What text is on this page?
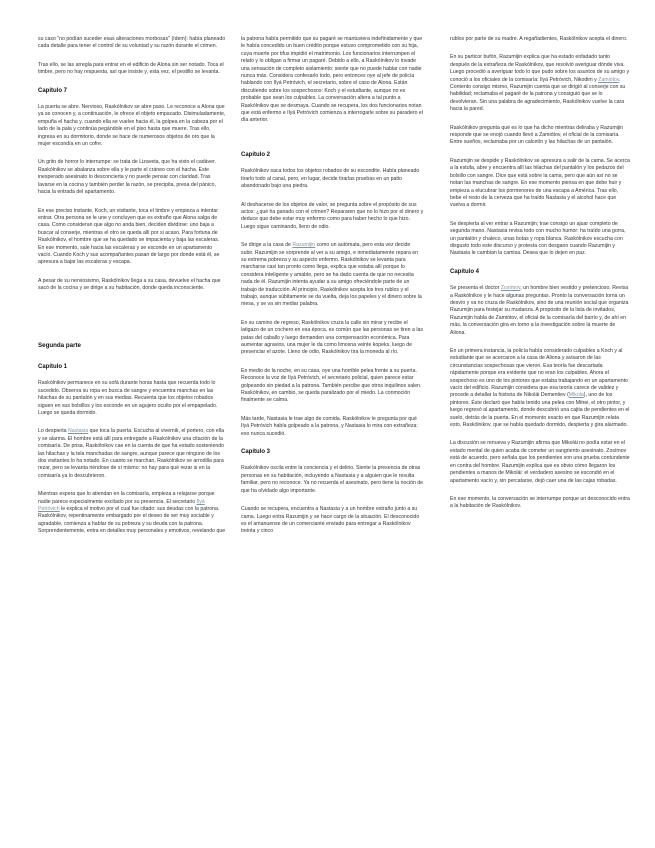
su caso "no podían suceder esas alteraciones morbosas" (ídem): había planeado cada detalle para tener el control de su voluntad y su razón durante el crimen.

Tras ello, se las arregla para entrar en el edificio de Alona sin ser notado. Toca el timbre, pero no hay respuesta, así que insiste y, esta vez, el pestillo se levanta.

Capítulo 7

La puerta se abre. Nervioso, Raskólnikov se abre paso. Le reconoce a Alona que ya se conocen y, a continuación, le ofrece el objeto empacado. Disimuladamente, empuña el hacha y, cuando ella se vuelve hacia él, la golpea en la cabeza por el lado de la pala y continúa pegándole en el piso hasta que muere. Tras ello, ingresa en su dormitorio, donde se hace de numerosos objetos de oro que la mujer escondía en un cofre.

Un grito de horror lo interrumpe: se trata de Lizaveta, que ha visto el cadáver. Raskólnikov se abalanza sobre ella y le parte el cráneo con el hacha. Este inesperado asesinato lo desconcierta y no puede pensar con claridad. Tras lavarse en la cocina y también perder la razón, se precipita, presa del pánico, hacia la entrada del apartamento.

En ese preciso instante, Koch, un visitante, toca el timbre y empieza a intentar entrar. Otra persona se le une y concluyen que es extraño que Alona salga de casa. Como consideran que algo no anda bien, deciden dividirse: uno baja a buscar al conserje, mientras el otro se queda allí por si acaso. Para fortuna de Raskólnikov, el hombre que se ha quedado se impacienta y baja las escaleras. En ese momento, sale hacia las escaleras y se esconde en un apartamento vacío. Cuando Koch y sus acompañantes pasan de largo por donde está él, se apresura a bajar las escaleras y escapa.

A pesar de su nerviosismo, Raskólnikov llega a su casa, devuelve el hacha que sacó de la cocina y se dirige a su habitación, donde queda inconsciente.

Segunda parte
Capítulo 1

Raskólnikov permanece en su sofá durante horas hasta que recuerda todo lo sucedido. Observa su ropa en busca de sangre y encuentra manchas en las hilachas de su pantalón y en sus medias. Recuenta que los objetos robados siguen en sus bolsillos y los esconde en un agujero oculto por el empapelado. Luego se queda dormido.

Lo despierta Nastasia que toca la puerta. Escucha al vivernik, el portero, con ella y se alarma. El hombre está allí para entregarle a Raskólnikov una citación de la comisaría. De prisa, Raskólnikov cae en la cuenta de que ha estado sosteniendo las hilachas y la tela manchadas de sangre, aunque parece que ninguno de los dos visitantes lo ha notado. En cuanto se marchan, Raskólnikov se arrodilla para rezar, pero se levanta riéndose de sí mismo: no hay para qué rezar si en la comisaría ya lo descubrieron.

Mientras espera que lo atiendan en la comisaría, empieza a relajarse porque nadie parece especialmente excitado por su presencia. El secretario Ilyá Petróvich le explica el motivo por el cual fue citado: sus deudas con la patrona. Raskólnikov, repentinamente embargado por el deseo de ser muy sociable y agradable, comienza a hablar de su pobreza y su deuda con la patrona. Sorprendentemente, entra en detalles muy personales y emotivos, revelando que

la patrona había permitido que su pagaré se mantuviera indefinidamente y que le había concedido un buen crédito porque estuvo comprometido con su hija, cuya muerte por tifus impidió el matrimonio. Los funcionarios interrumpen el relato y lo obligan a firmar un pagaré. Debido a ello, a Raskólnikov lo invade una sensación de completo aislamiento: siente que no puede hablar con nadie nunca más. Considera confesarlo todo, pero entonces oye al jefe de policía hablando con Ilyá Petróvich, el secretario, sobre el caso de Alona. Están discutiendo sobre los sospechosos: Koch y el estudiante, aunque no es probable que sean los culpables. La conversación altera a tal punto a Raskólnikov que se desmaya. Cuando se recupera, los dos funcionarios notan que está enfermo e Ilyá Petróvich comienza a interrogarle sobre su paradero el día anterior.

Capítulo 2

Raskólnikov saca todos los objetos robados de su escondite. Había planeado tirarlo todo al canal, pero, en lugar, decide tirarlas pruebas en un patio abandonado bajo una piedra.

Al deshacerse de los objetos de valor, se pregunta sobre el propósito de sus actos: ¿qué ha ganado con el crimen? Repararen que no lo hizo por el dinero y deduce que debe estar muy enfermo como para haber hecho lo que hizo. Luego sigue caminando, lleno de odio.

Se dirige a la casa de Razumijin como un autómata, pero esta vez decide subir. Razumijin se sorprende al ver a su amigo, e inmediatamente repara en su extrema pobreza y su aspecto enfermo. Raskólnikov se levanta para marcharse casi tan pronto como llega, explica que estaba allí porque lo considera inteligente y amable, pero se ha dado cuenta de que no necesita nada de él. Razumijin intenta ayudar a su amigo ofreciéndole parte de un trabajo de traducción. Al principio, Raskólnikov acepta los tres rublos y el trabajo, aunque súbitamente se da vuelta, deja los papeles y el dinero sobre la mesa, y se va sin mediar palabra.

En su camino de regreso, Raskólnikov cruza la calle sin mirar y recibe el latigazo de un cochero en esa época, es común que las personas se tiren a las patas del caballo y luego demanden una compensación económica. Para aumentar agravios, una mujer le da como limosna veinte kopeks, luego de presenciar el azote. Lleno de odio, Raskólnikov tira la moneda al río.

En medio de la noche, en su casa, oye una horrible pelea frente a su puerta. Reconoce la voz de Ilyá Petróvich, el secretario policial, quien parece estar golpeando sin piedad a la patrona. También percibe que otros inquilinos salen. Raskólnikov, en cambio, se queda paralizado por el miedo. La conmoción finalmente se calma.

Más tarde, Nastasia le trae algo de comida. Raskólnikov le pregunta por qué Ilyá Petróvich había golpeado a la patrona, y Nastasia lo mira con extrañeza: eso nunca sucedió.

Capítulo 3

Raskólnikov oscila entre la conciencia y el delirio. Siente la presencia de otras personas en su habitación, incluyendo a Nastasia y a alguien que le resulta familiar, pero no reconoce. Ya no recuerda el asesinato, pero tiene la noción de que ha olvidado algo importante.

Cuando se recupera, encuentra a Nastasia y a un hombre extraño junto a su cama. Luego entra Razumijin y se hace cargo de la situación. El desconocido es el amanuense de un comerciante enviado para entregar a Raskólnikov treinta y cinco

rublos por parte de su madre. A regañadientes, Raskólnikov acepta el dinero.

En su particor bufón, Razumijin explica que ha estado enfadado tanto después de la extrañeza de Raskólnikov, que resolvió averiguar dónde viva. Luego procedió a averiguar todo lo que pudo sobre los asuntos de su amigo y conoció a los oficiales de la comisaría: Ilyá Petróvich, Nikodim y Zamiótov. Contento consigo mismo, Razumijin cuenta que se dirigió al conserje con su habilidad; reclamaba el pagaré de la patrona y consiguió que se lo devolvieran. Sin una palabra de agradecimiento, Raskólnikov vuelve la cara hacia la pared.

Raskólnikov pregunta qué es lo que ha dicho mientras deliraba y Razumijin responde que se enojó cuando llevó a Zamiótov, el oficial de la comisaría. Entre sueños, reclamaba por un calcetín y las hilachas de un pantalón.

Razumijin se despide y Raskólnikov se apresura a salir de la cama. Se acerca a la estufa, abre y encuentra allí las hilachas del pantalón y los pedazos del bolsillo con sangre. Dice que está sobre la cama, pero que aún así no se notan las manchas de sangre. En ese momento piensa en que debe huir y empieza a elucubrar los pormenores de una escapa a América. Tras ello, bebe el resto de la cerveza que ha traído Nastasia y el alcohol hace que vuelva a dormir.

Se despierta al ver entrar a Razumijin; trae consigo un ajuar completo de segunda mano. Nastasia revisa todo con mucho humor: ha traído una gorra, un pantalón y chaleco, unas botas y ropa blanca. Raskólnikov escucha con disgusto todo este discurso y protesta con desgano cuando Razumijin y Nastasia le cambian la camisa. Desea que lo dejen en paz.

Capítulo 4

Se presenta el doctor Zosímov, un hombre bien vestido y pretencioso. Revisa a Raskólnikov y le hace algunas preguntas. Pronto la conversación torna un desvío y va no cruza de Raskólnikov, sino de una reunión social que organiza Razumijin para festejar su mudanza. A propósito de la lista de invitados, Razumijin habla de Zamiótov, el oficial de la comisaría del barrio y, de ahí en más, la conversación gira en torno a la investigación sobre la muerte de Aliona.

En un primera instancia, la policía había considerado culpables a Koch y al estudiante que se acercaron a la casa de Aliona y avisaron de las circunstancias sospechosas que vieron. Esa teoría fue descartada rápidamente porque era evidente que no eran los culpables. Ahora el sospechoso es uno de los pintores que estaba trabajando en un apartamento vacío del edificio. Razumijin considera que esa teoría carece de validez y procede a detallar la historia de Nikolái Dementiev (Mikola), uno de los pintores. Éste declaró que había tenido una pelea con Mitrei, el otro pintor, y luego regresó al apartamento, donde descubrió una cajita de pendientes en el suelo, detrás de la puerta. En el momento exacto en que Razumijin relata esto, Raskólnikov, que se había quedado dormido, despierta y gira alarmado.

La discusión se renueva y Razumijin afirma que Mikolái no podía estar en el estado mental de quien acaba de cometer un sangriento asesinato. Zosímov está de acuerdo, pero señala que los pendientes son una prueba contundente en contra del hombre. Razumijin explica que es obvio cómo llegaron los pendientes a manos de Mikolái: el verdadero asesino se escondió en el apartamento vacío y, sin percatarse, dejó caer una de las cajas robadas.

En ese momento, la conversación se interrumpe porque un desconocido entra a la habitación de Raskólnikov.
